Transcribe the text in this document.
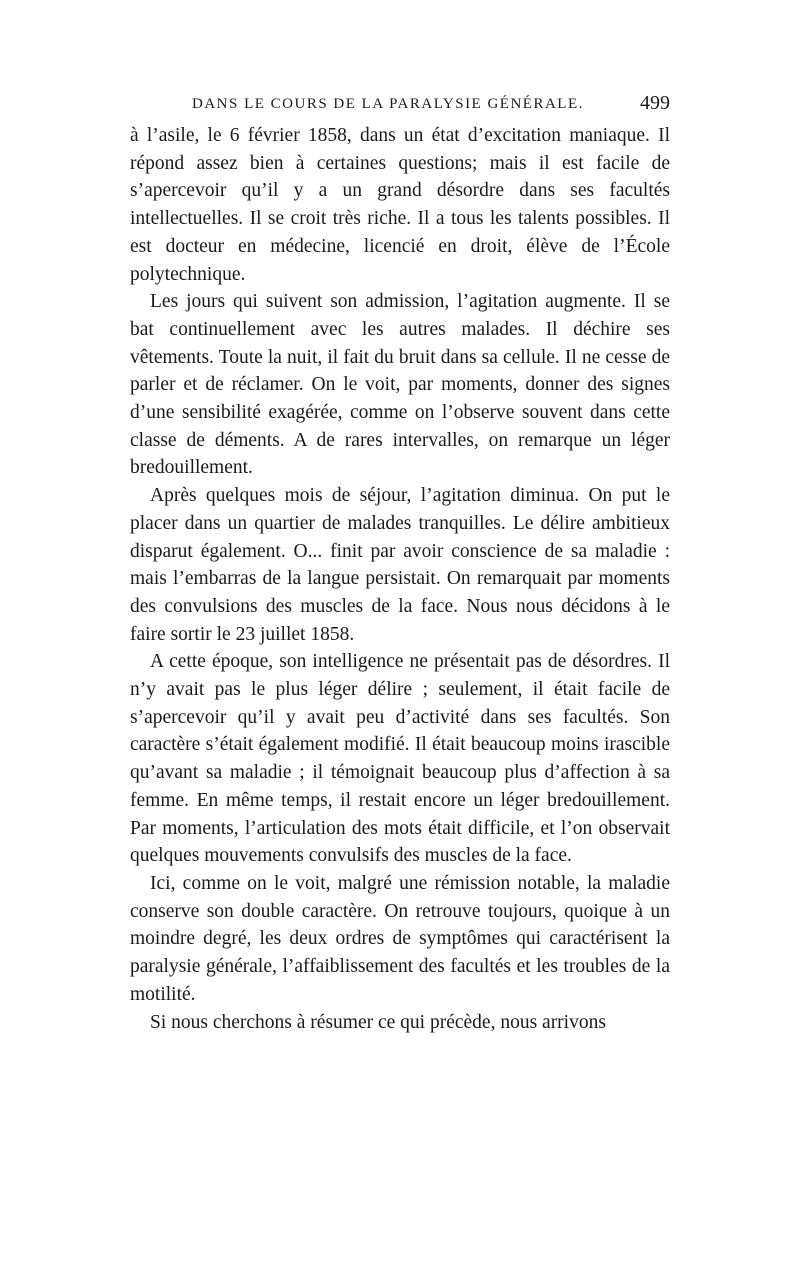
DANS LE COURS DE LA PARALYSIE GÉNÉRALE.	499

à l’asile, le 6 février 1858, dans un état d’excitation maniaque. Il répond assez bien à certaines questions; mais il est facile de s’apercevoir qu’il y a un grand désordre dans ses facultés intellectuelles. Il se croit très riche. Il a tous les talents possibles. Il est docteur en médecine, licencié en droit, élève de l’École polytechnique.

Les jours qui suivent son admission, l’agitation augmente. Il se bat continuellement avec les autres malades. Il déchire ses vêtements. Toute la nuit, il fait du bruit dans sa cellule. Il ne cesse de parler et de réclamer. On le voit, par moments, donner des signes d’une sensibilité exagérée, comme on l’observe souvent dans cette classe de déments. A de rares intervalles, on remarque un léger bredouillement.

Après quelques mois de séjour, l’agitation diminua. On put le placer dans un quartier de malades tranquilles. Le délire ambitieux disparut également. O... finit par avoir conscience de sa maladie : mais l’embarras de la langue persistait. On remarquait par moments des convulsions des muscles de la face. Nous nous décidons à le faire sortir le 23 juillet 1858.

A cette époque, son intelligence ne présentait pas de désordres. Il n’y avait pas le plus léger délire ; seulement, il était facile de s’apercevoir qu’il y avait peu d’activité dans ses facultés. Son caractère s’était également modifié. Il était beaucoup moins irascible qu’avant sa maladie ; il témoignait beaucoup plus d’affection à sa femme. En même temps, il restait encore un léger bredouillement. Par moments, l’articulation des mots était difficile, et l’on observait quelques mouvements convulsifs des muscles de la face.

Ici, comme on le voit, malgré une rémission notable, la maladie conserve son double caractère. On retrouve toujours, quoique à un moindre degré, les deux ordres de symptômes qui caractérisent la paralysie générale, l’affaiblissement des facultés et les troubles de la motilité.

Si nous cherchons à résumer ce qui précède, nous arrivons
